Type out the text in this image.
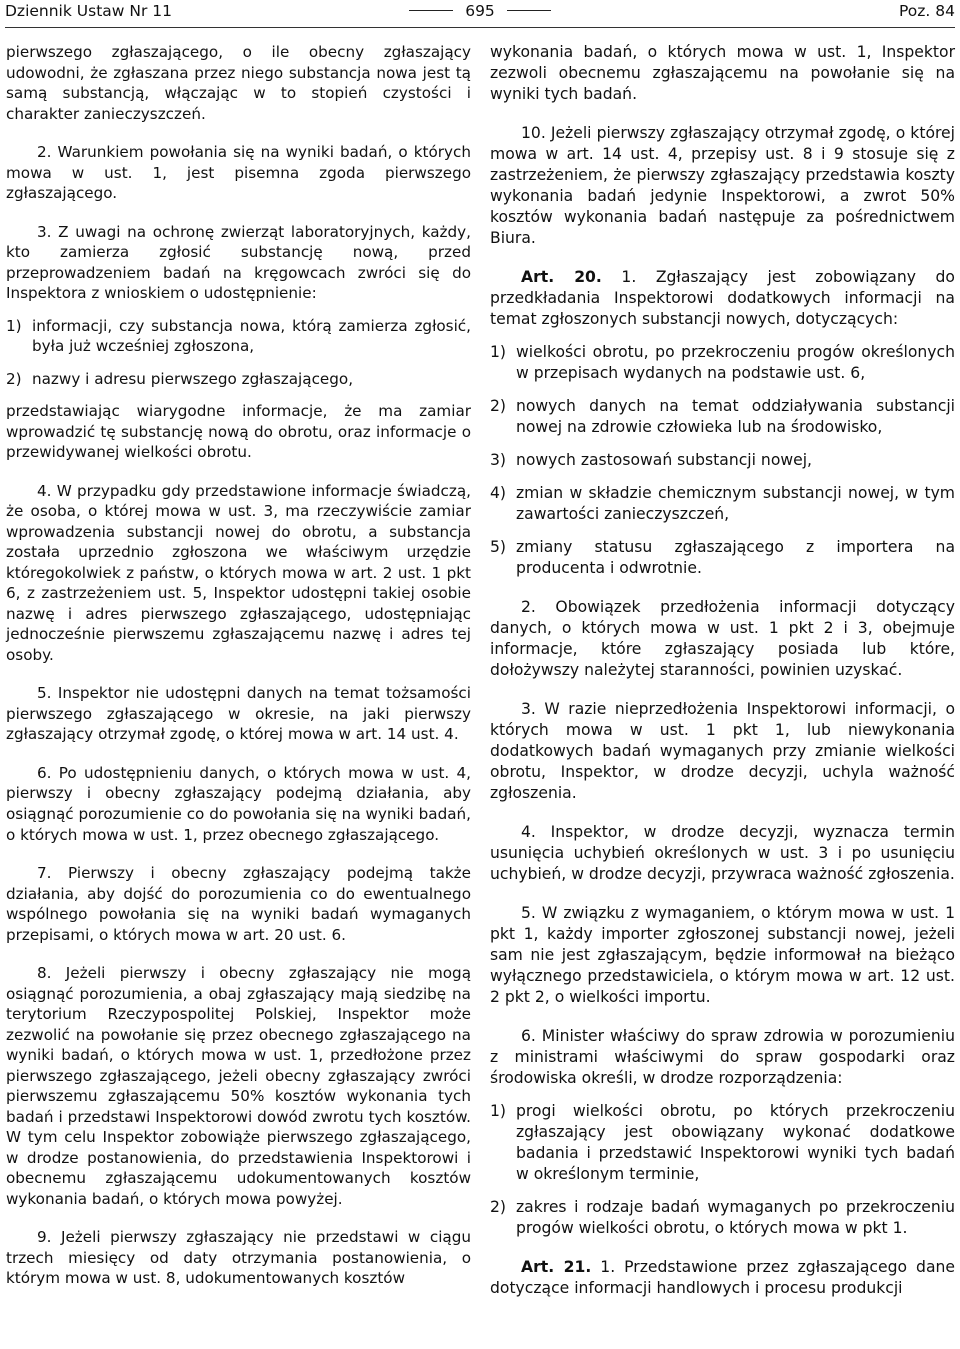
Dziennik Ustaw Nr 11	695	Poz. 84

pierwszego zgłaszającego, o ile obecny zgłaszający udowodni, że zgłaszana przez niego substancja nowa jest tą samą substancją, włączając w to stopień czystości i charakter zanieczyszczeń.

2. Warunkiem powołania się na wyniki badań, o których mowa w ust. 1, jest pisemna zgoda pierwszego zgłaszającego.

3. Z uwagi na ochronę zwierząt laboratoryjnych, każdy, kto zamierza zgłosić substancję nową, przed przeprowadzeniem badań na kręgowcach zwróci się do Inspektora z wnioskiem o udostępnienie:

1) informacji, czy substancja nowa, którą zamierza zgłosić, była już wcześniej zgłoszona,
2) nazwy i adresu pierwszego zgłaszającego,

przedstawiając wiarygodne informacje, że ma zamiar wprowadzić tę substancję nową do obrotu, oraz informacje o przewidywanej wielkości obrotu.

4. W przypadku gdy przedstawione informacje świadczą, że osoba, o której mowa w ust. 3, ma rzeczywiście zamiar wprowadzenia substancji nowej do obrotu, a substancja została uprzednio zgłoszona we właściwym urzędzie któregokolwiek z państw, o których mowa w art. 2 ust. 1 pkt 6, z zastrzeżeniem ust. 5, Inspektor udostępni takiej osobie nazwę i adres pierwszego zgłaszającego, udostępniając jednocześnie pierwszemu zgłaszającemu nazwę i adres tej osoby.

5. Inspektor nie udostępni danych na temat tożsamości pierwszego zgłaszającego w okresie, na jaki pierwszy zgłaszający otrzymał zgodę, o której mowa w art. 14 ust. 4.

6. Po udostępnieniu danych, o których mowa w ust. 4, pierwszy i obecny zgłaszający podejmą działania, aby osiągnąć porozumienie co do powołania się na wyniki badań, o których mowa w ust. 1, przez obecnego zgłaszającego.

7. Pierwszy i obecny zgłaszający podejmą także działania, aby dojść do porozumienia co do ewentualnego wspólnego powołania się na wyniki badań wymaganych przepisami, o których mowa w art. 20 ust. 6.

8. Jeżeli pierwszy i obecny zgłaszający nie mogą osiągnąć porozumienia, a obaj zgłaszający mają siedzibę na terytorium Rzeczypospolitej Polskiej, Inspektor może zezwolić na powołanie się przez obecnego zgłaszającego na wyniki badań, o których mowa w ust. 1, przedłożone przez pierwszego zgłaszającego, jeżeli obecny zgłaszający zwróci pierwszemu zgłaszającemu 50% kosztów wykonania tych badań i przedstawi Inspektorowi dowód zwrotu tych kosztów. W tym celu Inspektor zobowiąże pierwszego zgłaszającego, w drodze postanowienia, do przedstawienia Inspektorowi i obecnemu zgłaszającemu udokumentowanych kosztów wykonania badań, o których mowa powyżej.

9. Jeżeli pierwszy zgłaszający nie przedstawi w ciągu trzech miesięcy od daty otrzymania postanowienia, o którym mowa w ust. 8, udokumentowanych kosztów

wykonania badań, o których mowa w ust. 1, Inspektor zezwoli obecnemu zgłaszającemu na powołanie się na wyniki tych badań.

10. Jeżeli pierwszy zgłaszający otrzymał zgodę, o której mowa w art. 14 ust. 4, przepisy ust. 8 i 9 stosuje się z zastrzeżeniem, że pierwszy zgłaszający przedstawia koszty wykonania badań jedynie Inspektorowi, a zwrot 50% kosztów wykonania badań następuje za pośrednictwem Biura.

Art. 20. 1. Zgłaszający jest zobowiązany do przedkładania Inspektorowi dodatkowych informacji na temat zgłoszonych substancji nowych, dotyczących:

1) wielkości obrotu, po przekroczeniu progów określonych w przepisach wydanych na podstawie ust. 6,
2) nowych danych na temat oddziaływania substancji nowej na zdrowie człowieka lub na środowisko,
3) nowych zastosowań substancji nowej,
4) zmian w składzie chemicznym substancji nowej, w tym zawartości zanieczyszczeń,
5) zmiany statusu zgłaszającego z importera na producenta i odwrotnie.

2. Obowiązek przedłożenia informacji dotyczący danych, o których mowa w ust. 1 pkt 2 i 3, obejmuje informacje, które zgłaszający posiada lub które, dołożywszy należytej staranności, powinien uzyskać.

3. W razie nieprzedłożenia Inspektorowi informacji, o których mowa w ust. 1 pkt 1, lub niewykonania dodatkowych badań wymaganych przy zmianie wielkości obrotu, Inspektor, w drodze decyzji, uchyla ważność zgłoszenia.

4. Inspektor, w drodze decyzji, wyznacza termin usunięcia uchybień określonych w ust. 3 i po usunięciu uchybień, w drodze decyzji, przywraca ważność zgłoszenia.

5. W związku z wymaganiem, o którym mowa w ust. 1 pkt 1, każdy importer zgłoszonej substancji nowej, jeżeli sam nie jest zgłaszającym, będzie informował na bieżąco wyłącznego przedstawiciela, o którym mowa w art. 12 ust. 2 pkt 2, o wielkości importu.

6. Minister właściwy do spraw zdrowia w porozumieniu z ministrami właściwymi do spraw gospodarki oraz środowiska określi, w drodze rozporządzenia:

1) progi wielkości obrotu, po których przekroczeniu zgłaszający jest obowiązany wykonać dodatkowe badania i przedstawić Inspektorowi wyniki tych badań w określonym terminie,
2) zakres i rodzaje badań wymaganych po przekroczeniu progów wielkości obrotu, o których mowa w pkt 1.

Art. 21. 1. Przedstawione przez zgłaszającego dane dotyczące informacji handlowych i procesu produkcji
